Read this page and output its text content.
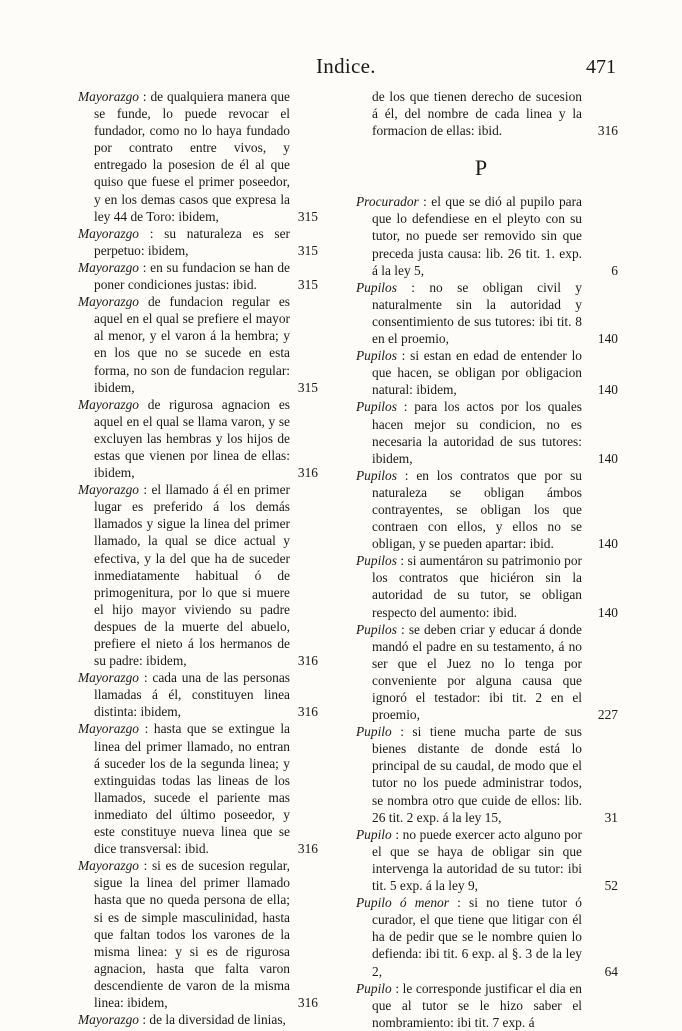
Indice.	471

Mayorazgo : de qualquiera manera que se funde, lo puede revocar el fundador, como no lo haya fundado por contrato entre vivos, y entregado la posesion de él al que quiso que fuese el primer poseedor, y en los demas casos que expresa la ley 44 de Toro: ibidem,	315

Mayorazgo : su naturaleza es ser perpetuo: ibidem,	315

Mayorazgo : en su fundacion se han de poner condiciones justas: ibid.	315

Mayorazgo de fundacion regular es aquel en el qual se prefiere el mayor al menor, y el varon á la hembra; y en los que no se sucede en esta forma, no son de fundacion regular: ibidem,	315

Mayorazgo de rigurosa agnacion es aquel en el qual se llama varon, y se excluyen las hembras y los hijos de estas que vienen por linea de ellas: ibidem,	316

Mayorazgo : el llamado á él en primer lugar es preferido á los demás llamados y sigue la linea del primer llamado, la qual se dice actual y efectiva, y la del que ha de suceder inmediatamente habitual ó de primogenitura, por lo que si muere el hijo mayor viviendo su padre despues de la muerte del abuelo, prefiere el nieto á los hermanos de su padre: ibidem,	316

Mayorazgo : cada una de las personas llamadas á él, constituyen linea distinta: ibidem,	316

Mayorazgo : hasta que se extingue la linea del primer llamado, no entran á suceder los de la segunda linea; y extinguidas todas las lineas de los llamados, sucede el pariente mas inmediato del último poseedor, y este constituye nueva linea que se dice transversal: ibid.	316

Mayorazgo : si es de sucesion regular, sigue la linea del primer llamado hasta que no queda persona de ella; si es de simple masculinidad, hasta que faltan todos los varones de la misma linea: y si es de rigurosa agnacion, hasta que falta varon descendiente de varon de la misma linea: ibidem,	316

Mayorazgo : de la diversidad de linias,

de los que tienen derecho de sucesion á él, del nombre de cada linea y la formacion de ellas: ibid.	316

P

Procurador : el que se dió al pupilo para que lo defendiese en el pleyto con su tutor, no puede ser removido sin que preceda justa causa: lib. 26 tit. 1. exp. á la ley 5,	6

Pupilos : no se obligan civil y naturalmente sin la autoridad y consentimiento de sus tutores: ibi tit. 8 en el proemio,	140

Pupilos : si estan en edad de entender lo que hacen, se obligan por obligacion natural: ibidem,	140

Pupilos : para los actos por los quales hacen mejor su condicion, no es necesaria la autoridad de sus tutores: ibidem,	140

Pupilos : en los contratos que por su naturaleza se obligan ámbos contrayentes, se obligan los que contraen con ellos, y ellos no se obligan, y se pueden apartar: ibid.	140

Pupilos : si aumentáron su patrimonio por los contratos que hiciéron sin la autoridad de su tutor, se obligan respecto del aumento: ibid.	140

Pupilos : se deben criar y educar á donde mandó el padre en su testamento, á no ser que el Juez no lo tenga por conveniente por alguna causa que ignoró el testador: ibi tit. 2 en el proemio,	227

Pupilo : si tiene mucha parte de sus bienes distante de donde está lo principal de su caudal, de modo que el tutor no los puede administrar todos, se nombra otro que cuide de ellos: lib. 26 tit. 2 exp. á la ley 15,	31

Pupilo : no puede exercer acto alguno por el que se haya de obligar sin que intervenga la autoridad de su tutor: ibi tit. 5 exp. á la ley 9,	52

Pupilo ó menor : si no tiene tutor ó curador, el que tiene que litigar con él ha de pedir que se le nombre quien lo defienda: ibi tit. 6 exp. al §. 3 de la ley 2,	64

Pupilo : le corresponde justificar el dia en que al tutor se le hizo saber el nombramiento: ibi tit. 7 exp. á
